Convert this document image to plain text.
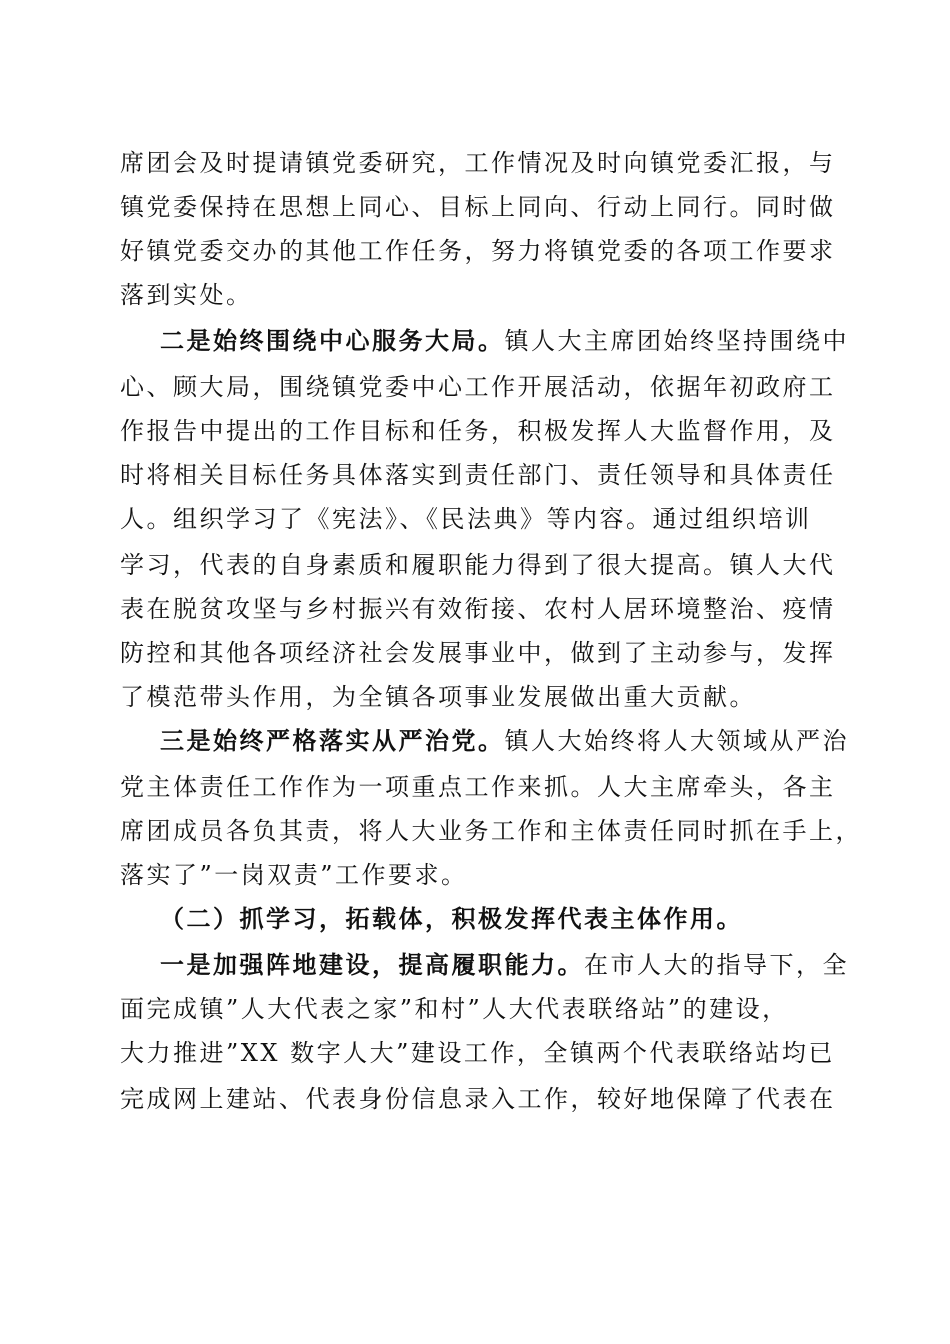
席团会及时提请镇党委研究，工作情况及时向镇党委汇报，与
镇党委保持在思想上同心、目标上同向、行动上同行。同时做
好镇党委交办的其他工作任务，努力将镇党委的各项工作要求
落到实处。
二是始终围绕中心服务大局。镇人大主席团始终坚持围绕中
心、顾大局，围绕镇党委中心工作开展活动，依据年初政府工
作报告中提出的工作目标和任务，积极发挥人大监督作用，及
时将相关目标任务具体落实到责任部门、责任领导和具体责任
人。组织学习了《宪法》、《民法典》等内容。通过组织培训
学习，代表的自身素质和履职能力得到了很大提高。镇人大代
表在脱贫攻坚与乡村振兴有效衔接、农村人居环境整治、疫情
防控和其他各项经济社会发展事业中，做到了主动参与，发挥
了模范带头作用，为全镇各项事业发展做出重大贡献。
三是始终严格落实从严治党。镇人大始终将人大领域从严治
党主体责任工作作为一项重点工作来抓。人大主席牵头，各主
席团成员各负其责，将人大业务工作和主体责任同时抓在手上，
落实了”一岗双责”工作要求。
（二）抓学习，拓载体，积极发挥代表主体作用。
一是加强阵地建设，提高履职能力。在市人大的指导下，全
面完成镇”人大代表之家”和村”人大代表联络站”的建设，
大力推进”XX 数字人大”建设工作，全镇两个代表联络站均已
完成网上建站、代表身份信息录入工作，较好地保障了代表在
